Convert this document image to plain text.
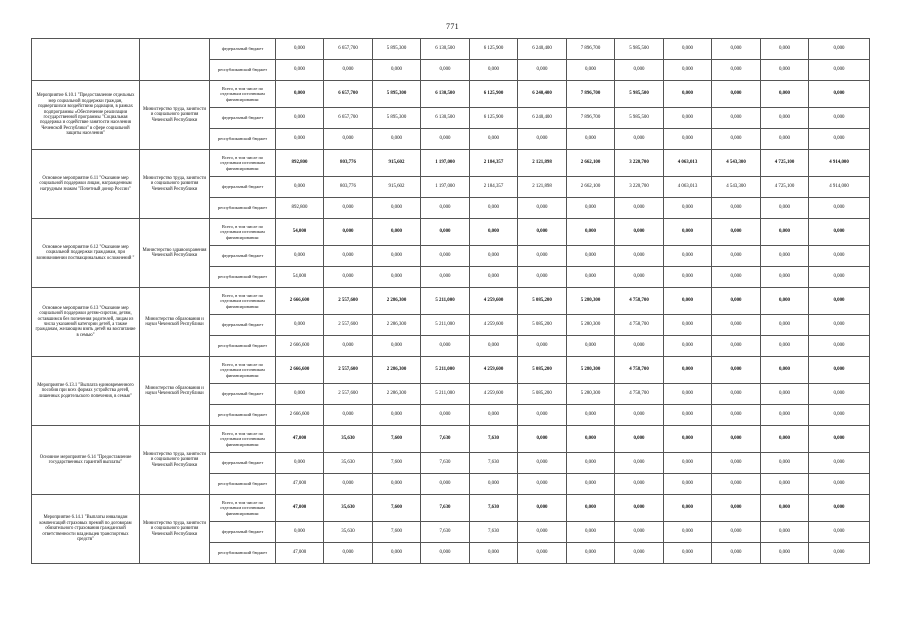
771
		федеральный бюджет	0,000	6 657,700	5 895,300	6 130,500	6 125,900	6 240,400	7 896,700	5 985,500	0,000	0,000	0,000	0,000
		республиканский бюджет	0,000	0,000	0,000	0,000	0,000	0,000	0,000	0,000	0,000	0,000	0,000	0,000
Мероприятие 6.10.1 "Предоставление отдельных мер социальной поддержки граждан, подвергшихся воздействию радиации, в рамках подпрограммы «Обеспечение реализации государственной программы "Социальная поддержка и содействие занятости населения Чеченской Республики" в сфере социальной защиты населения"	Министерство труда, занятости и социального развития Чеченской Республики	Всего, в том числе по отдельным источникам финансирования:	0,000	6 657,700	5 895,300	6 130,500	6 125,900	6 240,400	7 896,700	5 985,500	0,000	0,000	0,000	0,000
		федеральный бюджет	0,000	6 657,700	5 895,300	6 130,500	6 125,900	6 240,400	7 896,700	5 985,500	0,000	0,000	0,000	0,000
		республиканский бюджет	0,000	0,000	0,000	0,000	0,000	0,000	0,000	0,000	0,000	0,000	0,000	0,000
Основное мероприятие 6.11 "Оказание мер социальной поддержки лицам, награжденным нагрудным знаком "Почетный донор России"	Министерство труда, занятости и социального развития Чеченской Республики	Всего, в том числе по отдельным источникам финансирования:	892,800	803,776	915,602	1 197,000	2 184,357	2 121,898	2 662,100	3 220,700	4 063,013	4 543,300	4 725,100	4 914,000
		федеральный бюджет	0,000	803,776	915,602	1 197,000	2 184,357	2 121,898	2 662,100	3 220,700	4 063,013	4 543,300	4 725,100	4 914,000
		республиканский бюджет	892,800	0,000	0,000	0,000	0,000	0,000	0,000	0,000	0,000	0,000	0,000	0,000
Основное мероприятие 6.12 "Оказание мер социальной поддержки гражданам, при возникновении поствакцинальных осложнений "	Министерство здравоохранения Чеченской Республики	Всего, в том числе по отдельным источникам финансирования:	54,000	0,000	0,000	0,000	0,000	0,000	0,000	0,000	0,000	0,000	0,000	0,000
		федеральный бюджет	0,000	0,000	0,000	0,000	0,000	0,000	0,000	0,000	0,000	0,000	0,000	0,000
		республиканский бюджет	54,000	0,000	0,000	0,000	0,000	0,000	0,000	0,000	0,000	0,000	0,000	0,000
Основное мероприятие 6.13 "Оказание мер социальной поддержки детям-сиротам, детям, оставшимся без попечения родителей, лицам из числа указанной категории детей, а также гражданам, желающим взять детей на воспитание в семью"	Министерство образования и науки Чеченской Республики	Всего, в том числе по отдельным источникам финансирования:	2 666,600	2 557,600	2 286,300	5 211,000	4 259,600	5 085,200	5 280,300	4 758,700	0,000	0,000	0,000	0,000
		федеральный бюджет	0,000	2 557,600	2 286,300	5 211,000	4 259,600	5 085,200	5 280,300	4 758,700	0,000	0,000	0,000	0,000
		республиканский бюджет	2 666,600	0,000	0,000	0,000	0,000	0,000	0,000	0,000	0,000	0,000	0,000	0,000
Мероприятие 6.13.1 "Выплата единовременного пособия при всех формах устройства детей, лишенных родительского попечения, в семью"	Министерство образования и науки Чеченской Республики	Всего, в том числе по отдельным источникам финансирования:	2 666,600	2 557,600	2 286,300	5 211,000	4 259,600	5 085,200	5 280,300	4 758,700	0,000	0,000	0,000	0,000
		федеральный бюджет	0,000	2 557,600	2 286,300	5 211,000	4 259,600	5 085,200	5 280,300	4 758,700	0,000	0,000	0,000	0,000
		республиканский бюджет	2 666,600	0,000	0,000	0,000	0,000	0,000	0,000	0,000	0,000	0,000	0,000	0,000
Основное мероприятие 6.14 "Предоставление государственных гарантий выплаты"	Министерство труда, занятости и социального развития Чеченской Республики	Всего, в том числе по отдельным источникам финансирования:	47,000	35,630	7,600	7,630	7,630	0,000	0,000	0,000	0,000	0,000	0,000	0,000
		федеральный бюджет	0,000	35,630	7,600	7,630	7,630	0,000	0,000	0,000	0,000	0,000	0,000	0,000
		республиканский бюджет	47,000	0,000	0,000	0,000	0,000	0,000	0,000	0,000	0,000	0,000	0,000	0,000
Мероприятие 6.14.1 "Выплаты инвалидам компенсаций страховых премий по договорам обязательного страхования гражданской ответственности владельцев транспортных средств"	Министерство труда, занятости и социального развития Чеченской Республики	Всего, в том числе по отдельным источникам финансирования:	47,000	35,630	7,600	7,630	7,630	0,000	0,000	0,000	0,000	0,000	0,000	0,000
		федеральный бюджет	0,000	35,630	7,600	7,630	7,630	0,000	0,000	0,000	0,000	0,000	0,000	0,000
		республиканский бюджет	47,000	0,000	0,000	0,000	0,000	0,000	0,000	0,000	0,000	0,000	0,000	0,000
